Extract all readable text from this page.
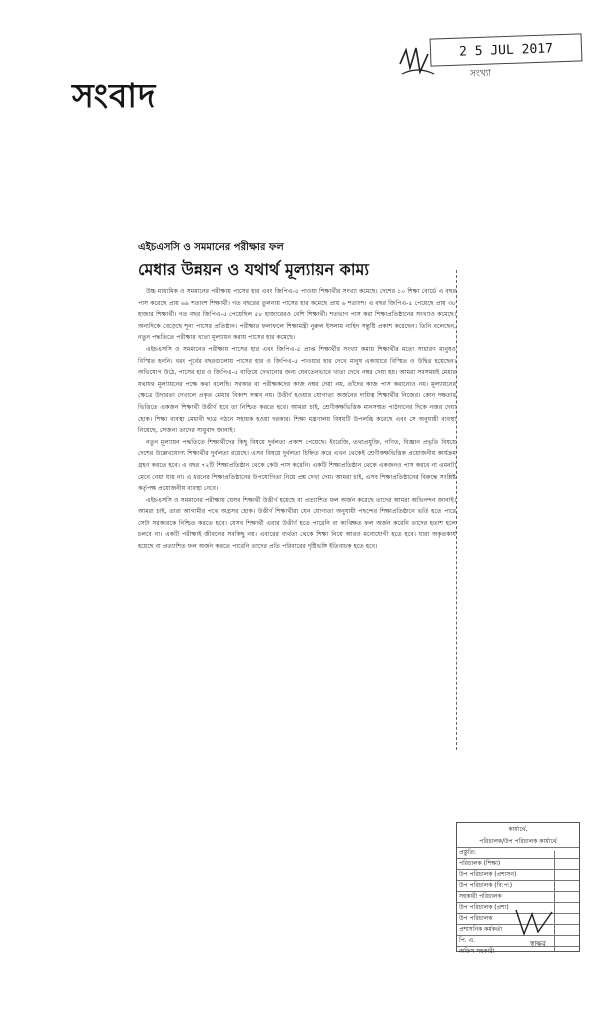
সংবাদ
2 5 JUL 2017
সংখ্যা
এইচএসসি ও সমমানের পরীক্ষার ফল
মেধার উন্নয়ন ও যথার্থ মূল্যায়ন কাম্য

উচ্চ মাধ্যমিক ও সমমানের পরীক্ষায় পাসের হার এবং জিপিএ-৫ পাওয়া শিক্ষার্থীর সংখ্যা কমেছে। দেশের ১০ শিক্ষা বোর্ডে এ বছর পাস করেছে প্রায় ৬৯ শতাংশ শিক্ষার্থী। গত বছরের তুলনায় পাসের হার কমেছে প্রায় ৬ শতাংশ। এ বছর জিপিএ-৫ পেয়েছে প্রায় ৩৮ হাজার শিক্ষার্থী। গত বছর জিপিএ-৫ পেয়েছিল ৫৮ হাজারেরও বেশি শিক্ষার্থী। শতভাগ পাস করা শিক্ষাপ্রতিষ্ঠানের সংখ্যাও কমেছে। অন্যদিকে বেড়েছে শূন্য পাসের প্রতিষ্ঠান। পরীক্ষার ফলাফলে শিক্ষামন্ত্রী নুরুল ইসলাম নাহিদ সন্তুষ্টি প্রকাশ করেছেন। তিনি বলেছেন, নতুন পদ্ধতিতে পরীক্ষার খাতা মূল্যায়ন করায় পাসের হার কমেছে।

এইচএসসি ও সমমানের পরীক্ষায় পাসের হার এবং জিপিএ-৫ প্রাপ্ত শিক্ষার্থীর সংখ্যা কমায় শিক্ষার্থীর মতো সাধারণ মানুষও বিস্মিত হননি। বরং পূর্বের বছরগুলোয় পাসের হার ও জিপিএ-৫ পাওয়ার হার দেখে মানুষ একাধারে বিস্মিত ও উদ্বিগ্ন হয়েছেন। অভিযোগ উঠে, পাসের হার ও জিপিএ-৫ বাড়িয়ে দেখানোর জন্য যেনতেনভাবে খাতা দেখে নম্বর দেয়া হয়। আমরা সবসময়ই মেধার যথাযথ মূল্যায়নের পক্ষে কথা বলেছি। সরকার বা পরীক্ষকদের কাজ নম্বর দেয়া নয়, তাঁদের কাজ পাস করানোও নয়। মূল্যায়নের ক্ষেত্রে উদারতা দেখালে প্রকৃত মেধার বিকাশ সম্ভব নয়। উত্তীর্ণ হওয়ার যোগ্যতা অর্জনের দায়িত্ব শিক্ষার্থীর নিজের। কোন দক্ষতার ভিত্তিতে একজন শিক্ষার্থী উত্তীর্ণ হবে তা নিশ্চিত করতে হবে। আমরা চাই, শ্রেণীকক্ষভিত্তিক মানসম্মত পাঠদানের দিকে নজর দেয়া হোক। শিক্ষা ব্যবস্থা মেধাবী ছাত্র গঠনে সহায়ক হওয়া দরকার। শিক্ষা মন্ত্রণালয় বিষয়টি উপলব্ধি করেছে এবং সে অনুযায়ী ব্যবস্থা নিয়েছে, সেজন্য তাদের সাধুবাদ জানাই।

নতুন মূল্যায়ন পদ্ধতিতে শিক্ষার্থীদের কিছু বিষয়ে দুর্বলতা প্রকাশ পেয়েছে। ইংরেজি, তথ্যপ্রযুক্তি, গণিত, বিজ্ঞান প্রভৃতি বিষয়ে দেশের উল্লেখযোগ্য শিক্ষার্থীর দুর্বলতা রয়েছে। এসব বিষয়ে দুর্বলতা চিহ্নিত করে এখন থেকেই শ্রেণীকক্ষভিত্তিক প্রয়োজনীয় কার্যক্রম গ্রহণ করতে হবে। এ বছর ৭২টি শিক্ষাপ্রতিষ্ঠান থেকে কেউ পাস করেনি। একটি শিক্ষাপ্রতিষ্ঠান থেকে একজনও পাস করবে না এমনটা মেনে নেয়া যায় না। এ ধরনের শিক্ষাপ্রতিষ্ঠানের উপযোগিতা নিয়ে প্রশ্ন দেখা দেয়। আমরা চাই, এসব শিক্ষাপ্রতিষ্ঠানের বিরুদ্ধে সংশ্লিষ্ট কর্তৃপক্ষ প্রয়োজনীয় ব্যবস্থা নেবে।

এইচএসসি ও সমমানের পরীক্ষায় যেসব শিক্ষার্থী উত্তীর্ণ হয়েছে বা প্রত্যাশিত ফল অর্জন করেছে তাদের আমরা অভিনন্দন জানাই। আমরা চাই, তারা আগামীর পথে অগ্রসর হোক। উত্তীর্ণ শিক্ষার্থীরা যেন যোগ্যতা অনুযায়ী পছন্দের শিক্ষাপ্রতিষ্ঠানে ভর্তি হতে পারে সেটা সরকারকে নিশ্চিত করতে হবে। যেসব শিক্ষার্থী এবার উত্তীর্ণ হতে পারেনি বা কাঙ্ক্ষিত ফল অর্জন করেনি তাদের হতাশ হলে চলবে না। একটি পরীক্ষাই জীবনের সবকিছু নয়। এবারের ব্যর্থতা থেকে শিক্ষা নিয়ে আরও মনোযোগী হতে হবে। যারা অকৃতকার্য হয়েছে বা প্রত্যাশিত ফল অর্জন করতে পারেনি তাদের প্রতি পরিবারের দৃষ্টিভঙ্গি ইতিবাচক হতে হবে।

কার্যার্থে,
পরিচালক/উপ পরিচালক কার্যার্থে
প্রস্তুতি:
পরিচালক (শিক্ষা)
উপ পরিচালক (প্রশাসন)
উপ পরিচালক (বি:প:)
সহকারী পরিচালক
উপ পরিচালক (প্রশা)
উপ পরিচালক
প্রশাসনিক কর্মকর্তা
পি. এ.
অফিস সহকারী
স্বাক্ষর
